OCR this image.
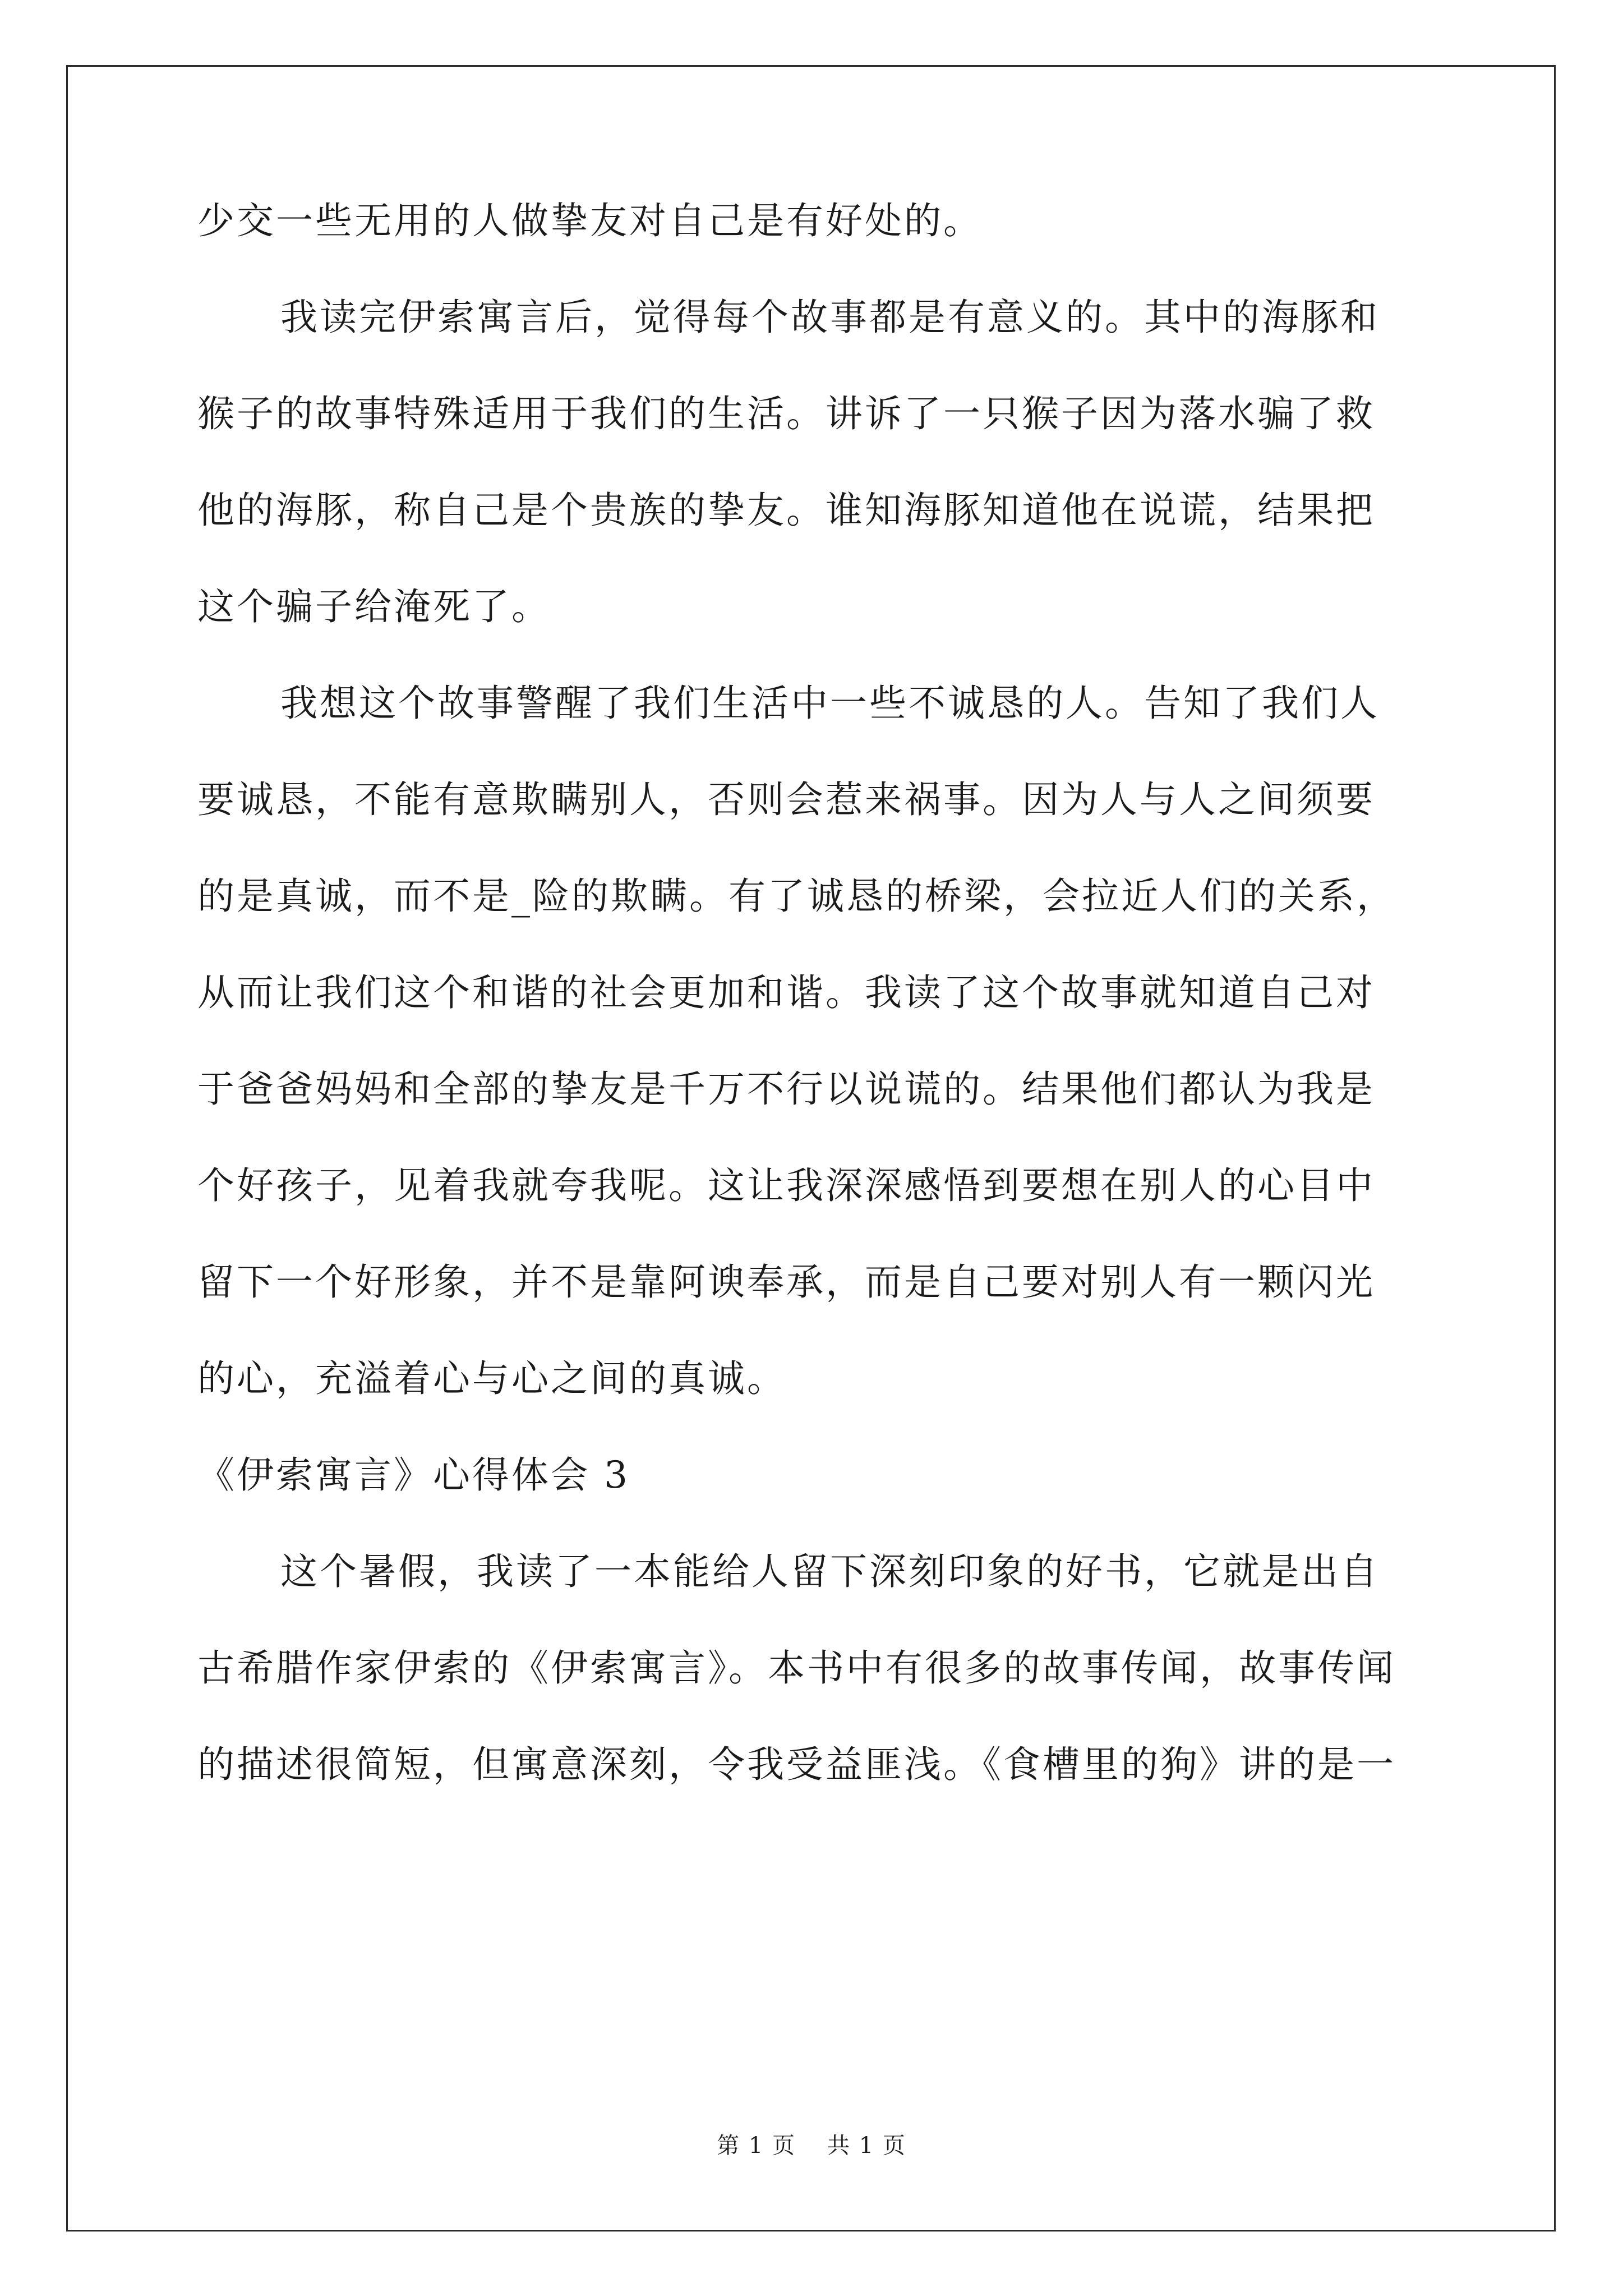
少交一些无用的人做挚友对自己是有好处的。
我读完伊索寓言后，觉得每个故事都是有意义的。其中的海豚和
猴子的故事特殊适用于我们的生活。讲诉了一只猴子因为落水骗了救
他的海豚，称自己是个贵族的挚友。谁知海豚知道他在说谎，结果把
这个骗子给淹死了。
我想这个故事警醒了我们生活中一些不诚恳的人。告知了我们人
要诚恳，不能有意欺瞒别人，否则会惹来祸事。因为人与人之间须要
的是真诚，而不是_险的欺瞒。有了诚恳的桥梁，会拉近人们的关系，
从而让我们这个和谐的社会更加和谐。我读了这个故事就知道自己对
于爸爸妈妈和全部的挚友是千万不行以说谎的。结果他们都认为我是
个好孩子，见着我就夸我呢。这让我深深感悟到要想在别人的心目中
留下一个好形象，并不是靠阿谀奉承，而是自己要对别人有一颗闪光
的心，充溢着心与心之间的真诚。
《伊索寓言》心得体会 3
这个暑假，我读了一本能给人留下深刻印象的好书，它就是出自
古希腊作家伊索的《伊索寓言》。本书中有很多的故事传闻，故事传闻
的描述很简短，但寓意深刻，令我受益匪浅。《食槽里的狗》讲的是一
第 1 页 共 1 页
